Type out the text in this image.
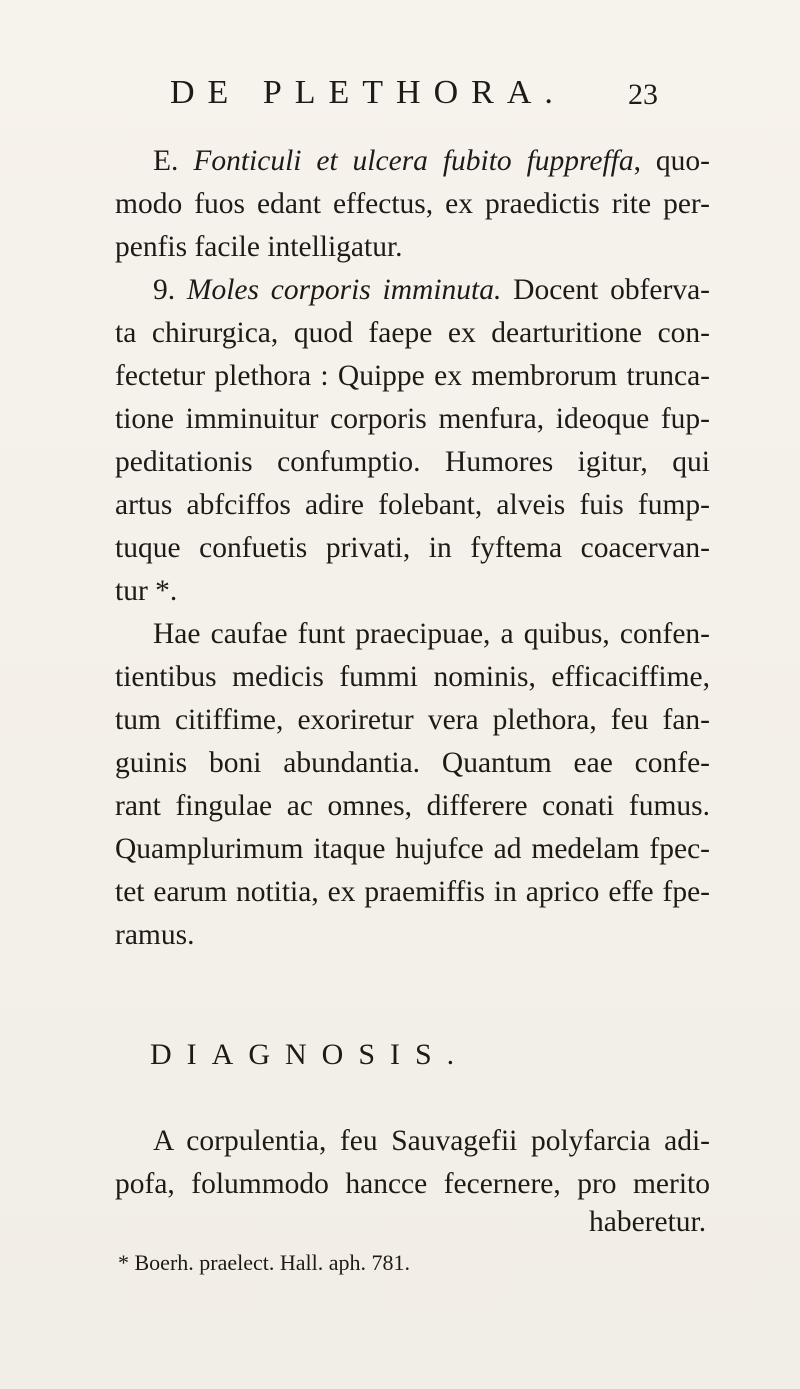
DE PLETHORA.	23
E. Fonticuli et ulcera fubito fuppreffa, quo-
modo fuos edant effectus, ex praedictis rite per-
penfis facile intelligatur.
9. Moles corporis imminuta. Docent obferva-
ta chirurgica, quod faepe ex dearturitione con-
fectetur plethora : Quippe ex membrorum trunca-
tione imminuitur corporis menfura, ideoque fup-
peditationis confumptio. Humores igitur, qui
artus abfciffos adire folebant, alveis fuis fump-
tuque confuetis privati, in fyftema coacervan-
tur *.
Hae caufae funt praecipuae, a quibus, confen-
tientibus medicis fummi nominis, efficaciffime,
tum citiffime, exoriretur vera plethora, feu fan-
guinis boni abundantia. Quantum eae confe-
rant fingulae ac omnes, differere conati fumus.
Quamplurimum itaque hujufce ad medelam fpec-
tet earum notitia, ex praemiffis in aprico effe fpe-
ramus.
DIAGNOSIS.
A corpulentia, feu Sauvagefii polyfarcia adi-
pofa, folummodo hancce fecernere, pro merito
haberetur.
* Boerh. praelect. Hall. aph. 781.
